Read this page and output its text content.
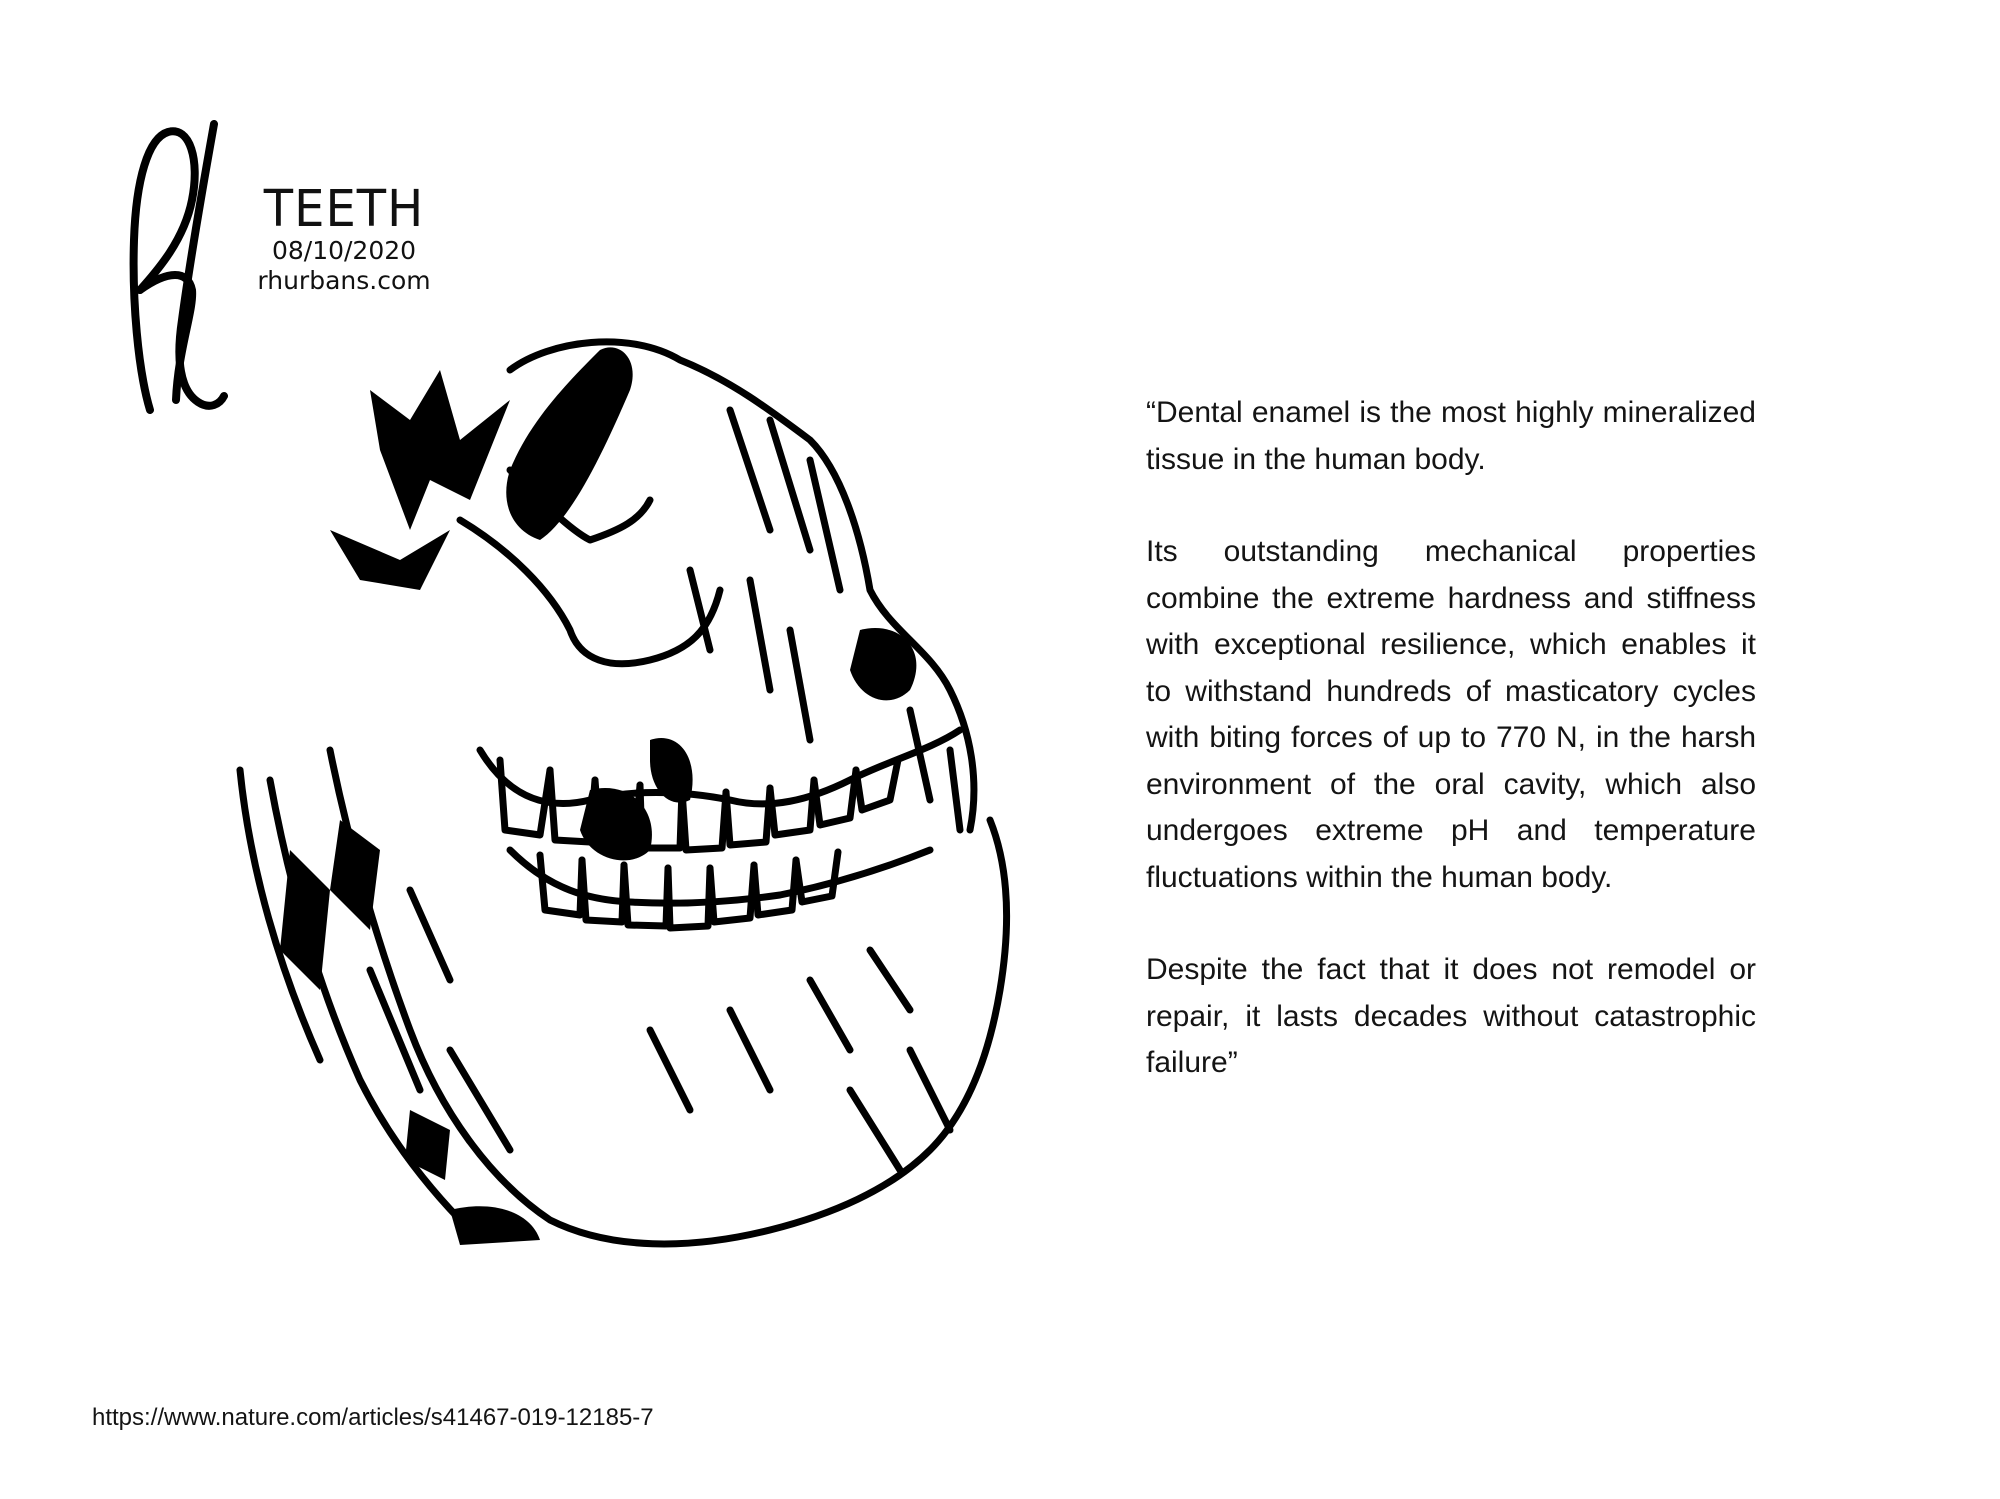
TEETH
08/10/2020
rhurbans.com

“Dental enamel is the most highly mineralized tissue in the human body.

Its outstanding mechanical properties combine the extreme hardness and stiffness with exceptional resilience, which enables it to withstand hundreds of masticatory cycles with biting forces of up to 770 N, in the harsh environment of the oral cavity, which also undergoes extreme pH and temperature fluctuations within the human body.

Despite the fact that it does not remodel or repair, it lasts decades without catastrophic failure”

https://www.nature.com/articles/s41467-019-12185-7
